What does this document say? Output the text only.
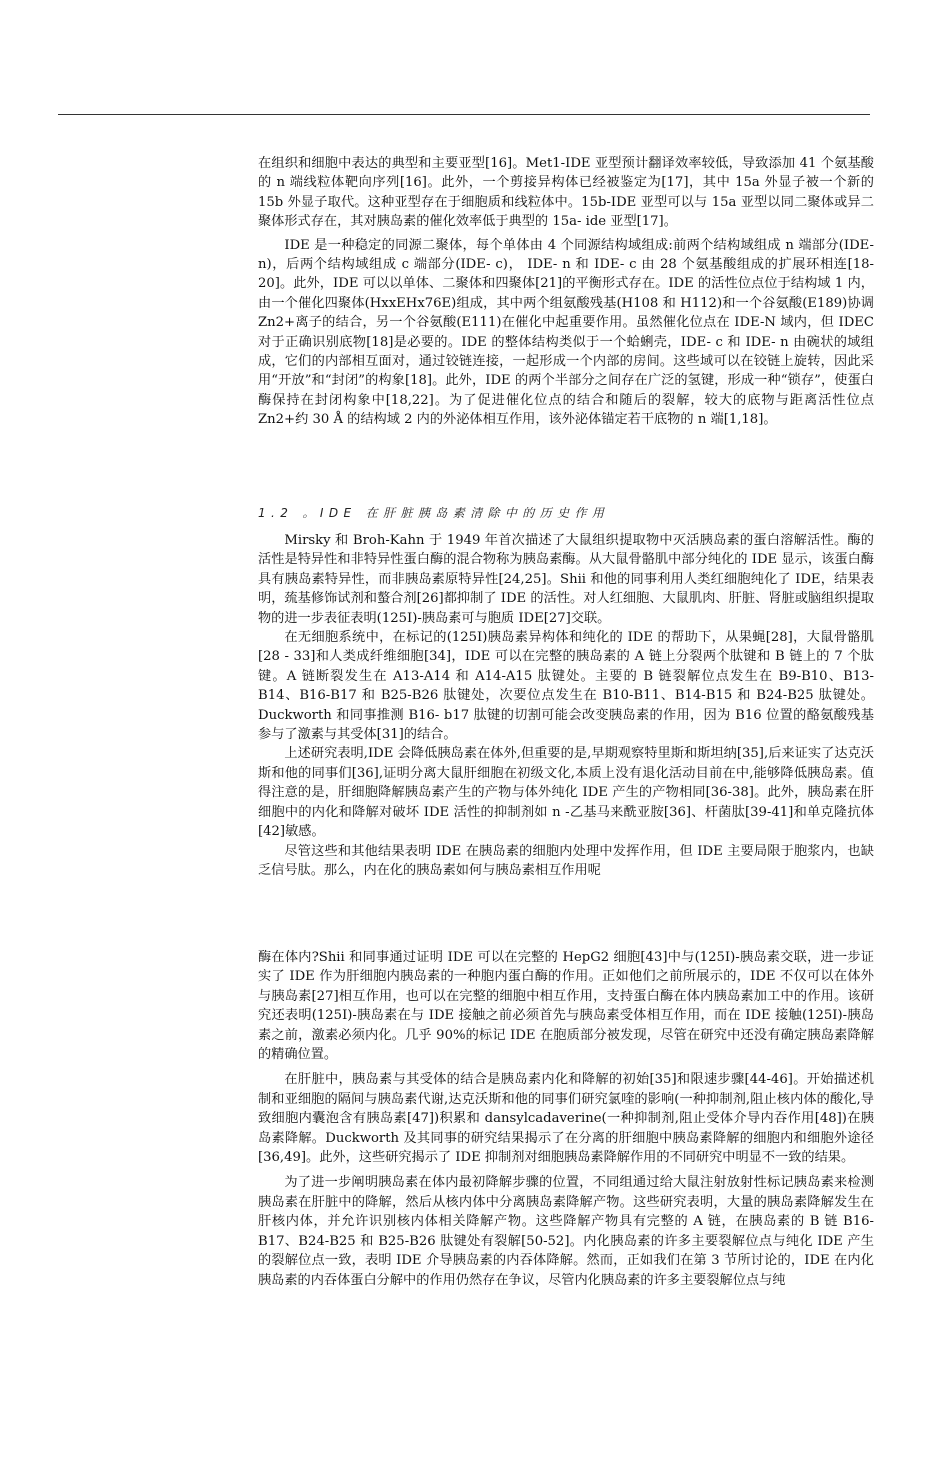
在组织和细胞中表达的典型和主要亚型[16]。Met1-IDE 亚型预计翻译效率较低，导致添加 41 个氨基酸的 n 端线粒体靶向序列[16]。此外，一个剪接异构体已经被鉴定为[17]，其中 15a 外显子被一个新的 15b 外显子取代。这种亚型存在于细胞质和线粒体中。15b-IDE 亚型可以与 15a 亚型以同二聚体或异二聚体形式存在，其对胰岛素的催化效率低于典型的 15a- ide 亚型[17]。

IDE 是一种稳定的同源二聚体，每个单体由 4 个同源结构域组成:前两个结构域组成 n 端部分(IDE- n)，后两个结构域组成 c 端部分(IDE- c)， IDE- n 和 IDE- c 由 28 个氨基酸组成的扩展环相连[18-20]。此外，IDE 可以以单体、二聚体和四聚体[21]的平衡形式存在。IDE 的活性位点位于结构域 1 内，由一个催化四聚体(HxxEHx76E)组成，其中两个组氨酸残基(H108 和 H112)和一个谷氨酸(E189)协调 Zn2+离子的结合，另一个谷氨酸(E111)在催化中起重要作用。虽然催化位点在 IDE-N 域内，但 IDEC 对于正确识别底物[18]是必要的。IDE 的整体结构类似于一个蛤蜊壳，IDE- c 和 IDE- n 由碗状的域组成，它们的内部相互面对，通过铰链连接，一起形成一个内部的房间。这些域可以在铰链上旋转，因此采用“开放”和“封闭”的构象[18]。此外，IDE 的两个半部分之间存在广泛的氢键，形成一种“锁存”，使蛋白酶保持在封闭构象中[18,22]。为了促进催化位点的结合和随后的裂解，较大的底物与距离活性位点 Zn2+约 30 Å 的结构域 2 内的外泌体相互作用，该外泌体锚定若干底物的 n 端[1,18]。

1.2 。IDE 在肝脏胰岛素清除中的历史作用

Mirsky 和 Broh-Kahn 于 1949 年首次描述了大鼠组织提取物中灭活胰岛素的蛋白溶解活性。酶的活性是特异性和非特异性蛋白酶的混合物称为胰岛素酶。从大鼠骨骼肌中部分纯化的 IDE 显示，该蛋白酶具有胰岛素特异性，而非胰岛素原特异性[24,25]。Shii 和他的同事利用人类红细胞纯化了 IDE，结果表明，巯基修饰试剂和螯合剂[26]都抑制了 IDE 的活性。对人红细胞、大鼠肌肉、肝脏、肾脏或脑组织提取物的进一步表征表明(125I)-胰岛素可与胞质 IDE[27]交联。

在无细胞系统中，在标记的(125I)胰岛素异构体和纯化的 IDE 的帮助下，从果蝇[28]，大鼠骨骼肌[28 - 33]和人类成纤维细胞[34]，IDE 可以在完整的胰岛素的 A 链上分裂两个肽键和 B 链上的 7 个肽键。A 链断裂发生在 A13-A14 和 A14-A15 肽键处。主要的 B 链裂解位点发生在 B9-B10、B13-B14、B16-B17 和 B25-B26 肽键处，次要位点发生在 B10-B11、B14-B15 和 B24-B25 肽键处。Duckworth 和同事推测 B16- b17 肽键的切割可能会改变胰岛素的作用，因为 B16 位置的酪氨酸残基参与了激素与其受体[31]的结合。

上述研究表明,IDE 会降低胰岛素在体外,但重要的是,早期观察特里斯和斯坦纳[35],后来证实了达克沃斯和他的同事们[36],证明分离大鼠肝细胞在初级文化,本质上没有退化活动目前在中,能够降低胰岛素。值得注意的是，肝细胞降解胰岛素产生的产物与体外纯化 IDE 产生的产物相同[36-38]。此外，胰岛素在肝细胞中的内化和降解对破坏 IDE 活性的抑制剂如 n -乙基马来酰亚胺[36]、杆菌肽[39-41]和单克隆抗体[42]敏感。

尽管这些和其他结果表明 IDE 在胰岛素的细胞内处理中发挥作用，但 IDE 主要局限于胞浆内，也缺乏信号肽。那么，内在化的胰岛素如何与胰岛素相互作用呢

酶在体内?Shii 和同事通过证明 IDE 可以在完整的 HepG2 细胞[43]中与(125I)-胰岛素交联，进一步证实了 IDE 作为肝细胞内胰岛素的一种胞内蛋白酶的作用。正如他们之前所展示的，IDE 不仅可以在体外与胰岛素[27]相互作用，也可以在完整的细胞中相互作用，支持蛋白酶在体内胰岛素加工中的作用。该研究还表明(125I)-胰岛素在与 IDE 接触之前必须首先与胰岛素受体相互作用，而在 IDE 接触(125I)-胰岛素之前，激素必须内化。几乎 90%的标记 IDE 在胞质部分被发现，尽管在研究中还没有确定胰岛素降解的精确位置。

在肝脏中，胰岛素与其受体的结合是胰岛素内化和降解的初始[35]和限速步骤[44-46]。开始描述机制和亚细胞的隔间与胰岛素代谢,达克沃斯和他的同事们研究氯喹的影响(一种抑制剂,阻止核内体的酸化,导致细胞内囊泡含有胰岛素[47])积累和 dansylcadaverine(一种抑制剂,阻止受体介导内吞作用[48])在胰岛素降解。Duckworth 及其同事的研究结果揭示了在分离的肝细胞中胰岛素降解的细胞内和细胞外途径[36,49]。此外，这些研究揭示了 IDE 抑制剂对细胞胰岛素降解作用的不同研究中明显不一致的结果。

为了进一步阐明胰岛素在体内最初降解步骤的位置，不同组通过给大鼠注射放射性标记胰岛素来检测胰岛素在肝脏中的降解，然后从核内体中分离胰岛素降解产物。这些研究表明，大量的胰岛素降解发生在肝核内体，并允许识别核内体相关降解产物。这些降解产物具有完整的 A 链，在胰岛素的 B 链 B16-B17、B24-B25 和 B25-B26 肽键处有裂解[50-52]。内化胰岛素的许多主要裂解位点与纯化 IDE 产生的裂解位点一致，表明 IDE 介导胰岛素的内吞体降解。然而，正如我们在第 3 节所讨论的，IDE 在内化胰岛素的内吞体蛋白分解中的作用仍然存在争议，尽管内化胰岛素的许多主要裂解位点与纯
